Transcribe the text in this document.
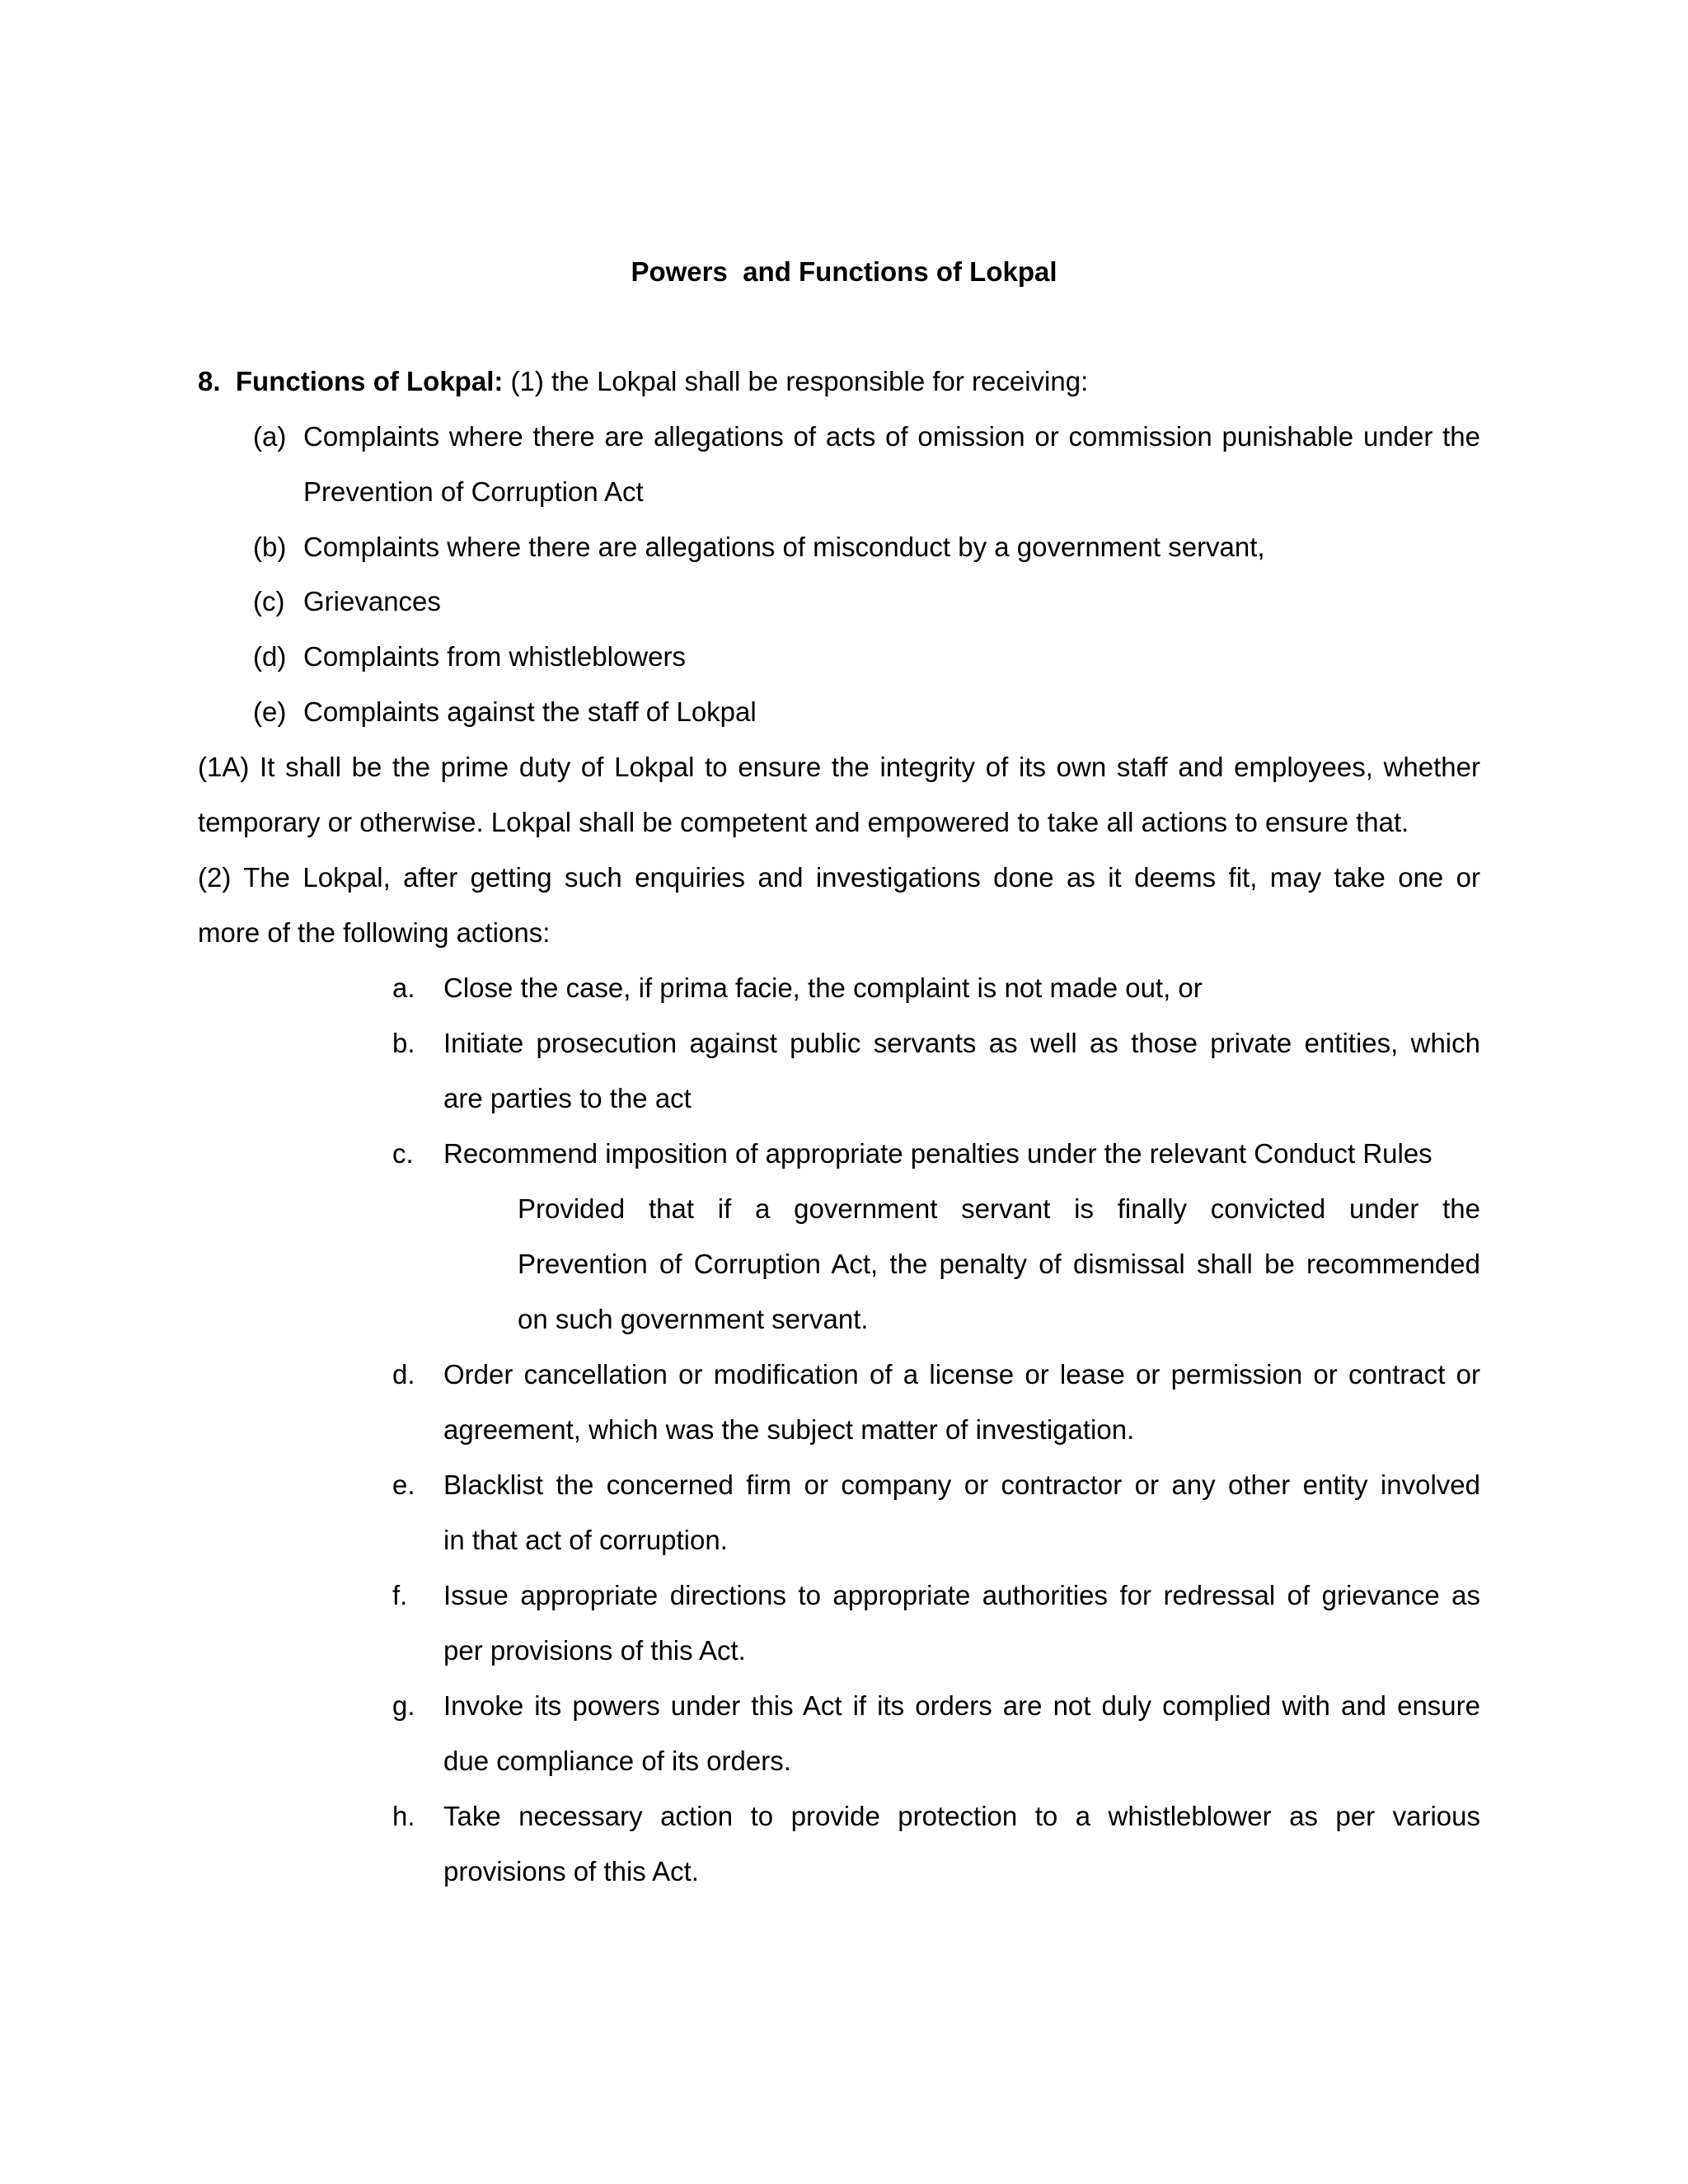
Powers  and Functions of Lokpal
8. Functions of Lokpal: (1) the Lokpal shall be responsible for receiving:
(a) Complaints where there are allegations of acts of omission or commission punishable under the
Prevention of Corruption Act
(b) Complaints where there are allegations of misconduct by a government servant,
(c) Grievances
(d) Complaints from whistleblowers
(e) Complaints against the staff of Lokpal
(1A) It shall be the prime duty of Lokpal to ensure the integrity of its own staff and employees, whether
temporary or otherwise. Lokpal shall be competent and empowered to take all actions to ensure that.
(2) The Lokpal, after getting such enquiries and investigations done as it deems fit, may take one or
more of the following actions:
a. Close the case, if prima facie, the complaint is not made out, or
b. Initiate prosecution against public servants as well as those private entities, which
are parties to the act
c. Recommend imposition of appropriate penalties under the relevant Conduct Rules
Provided that if a government servant is finally convicted under the
Prevention of Corruption Act, the penalty of dismissal shall be recommended
on such government servant.
d. Order cancellation or modification of a license or lease or permission or contract or
agreement, which was the subject matter of investigation.
e. Blacklist the concerned firm or company or contractor or any other entity involved
in that act of corruption.
f. Issue appropriate directions to appropriate authorities for redressal of grievance as
per provisions of this Act.
g. Invoke its powers under this Act if its orders are not duly complied with and ensure
due compliance of its orders.
h. Take necessary action to provide protection to a whistleblower as per various
provisions of this Act.
